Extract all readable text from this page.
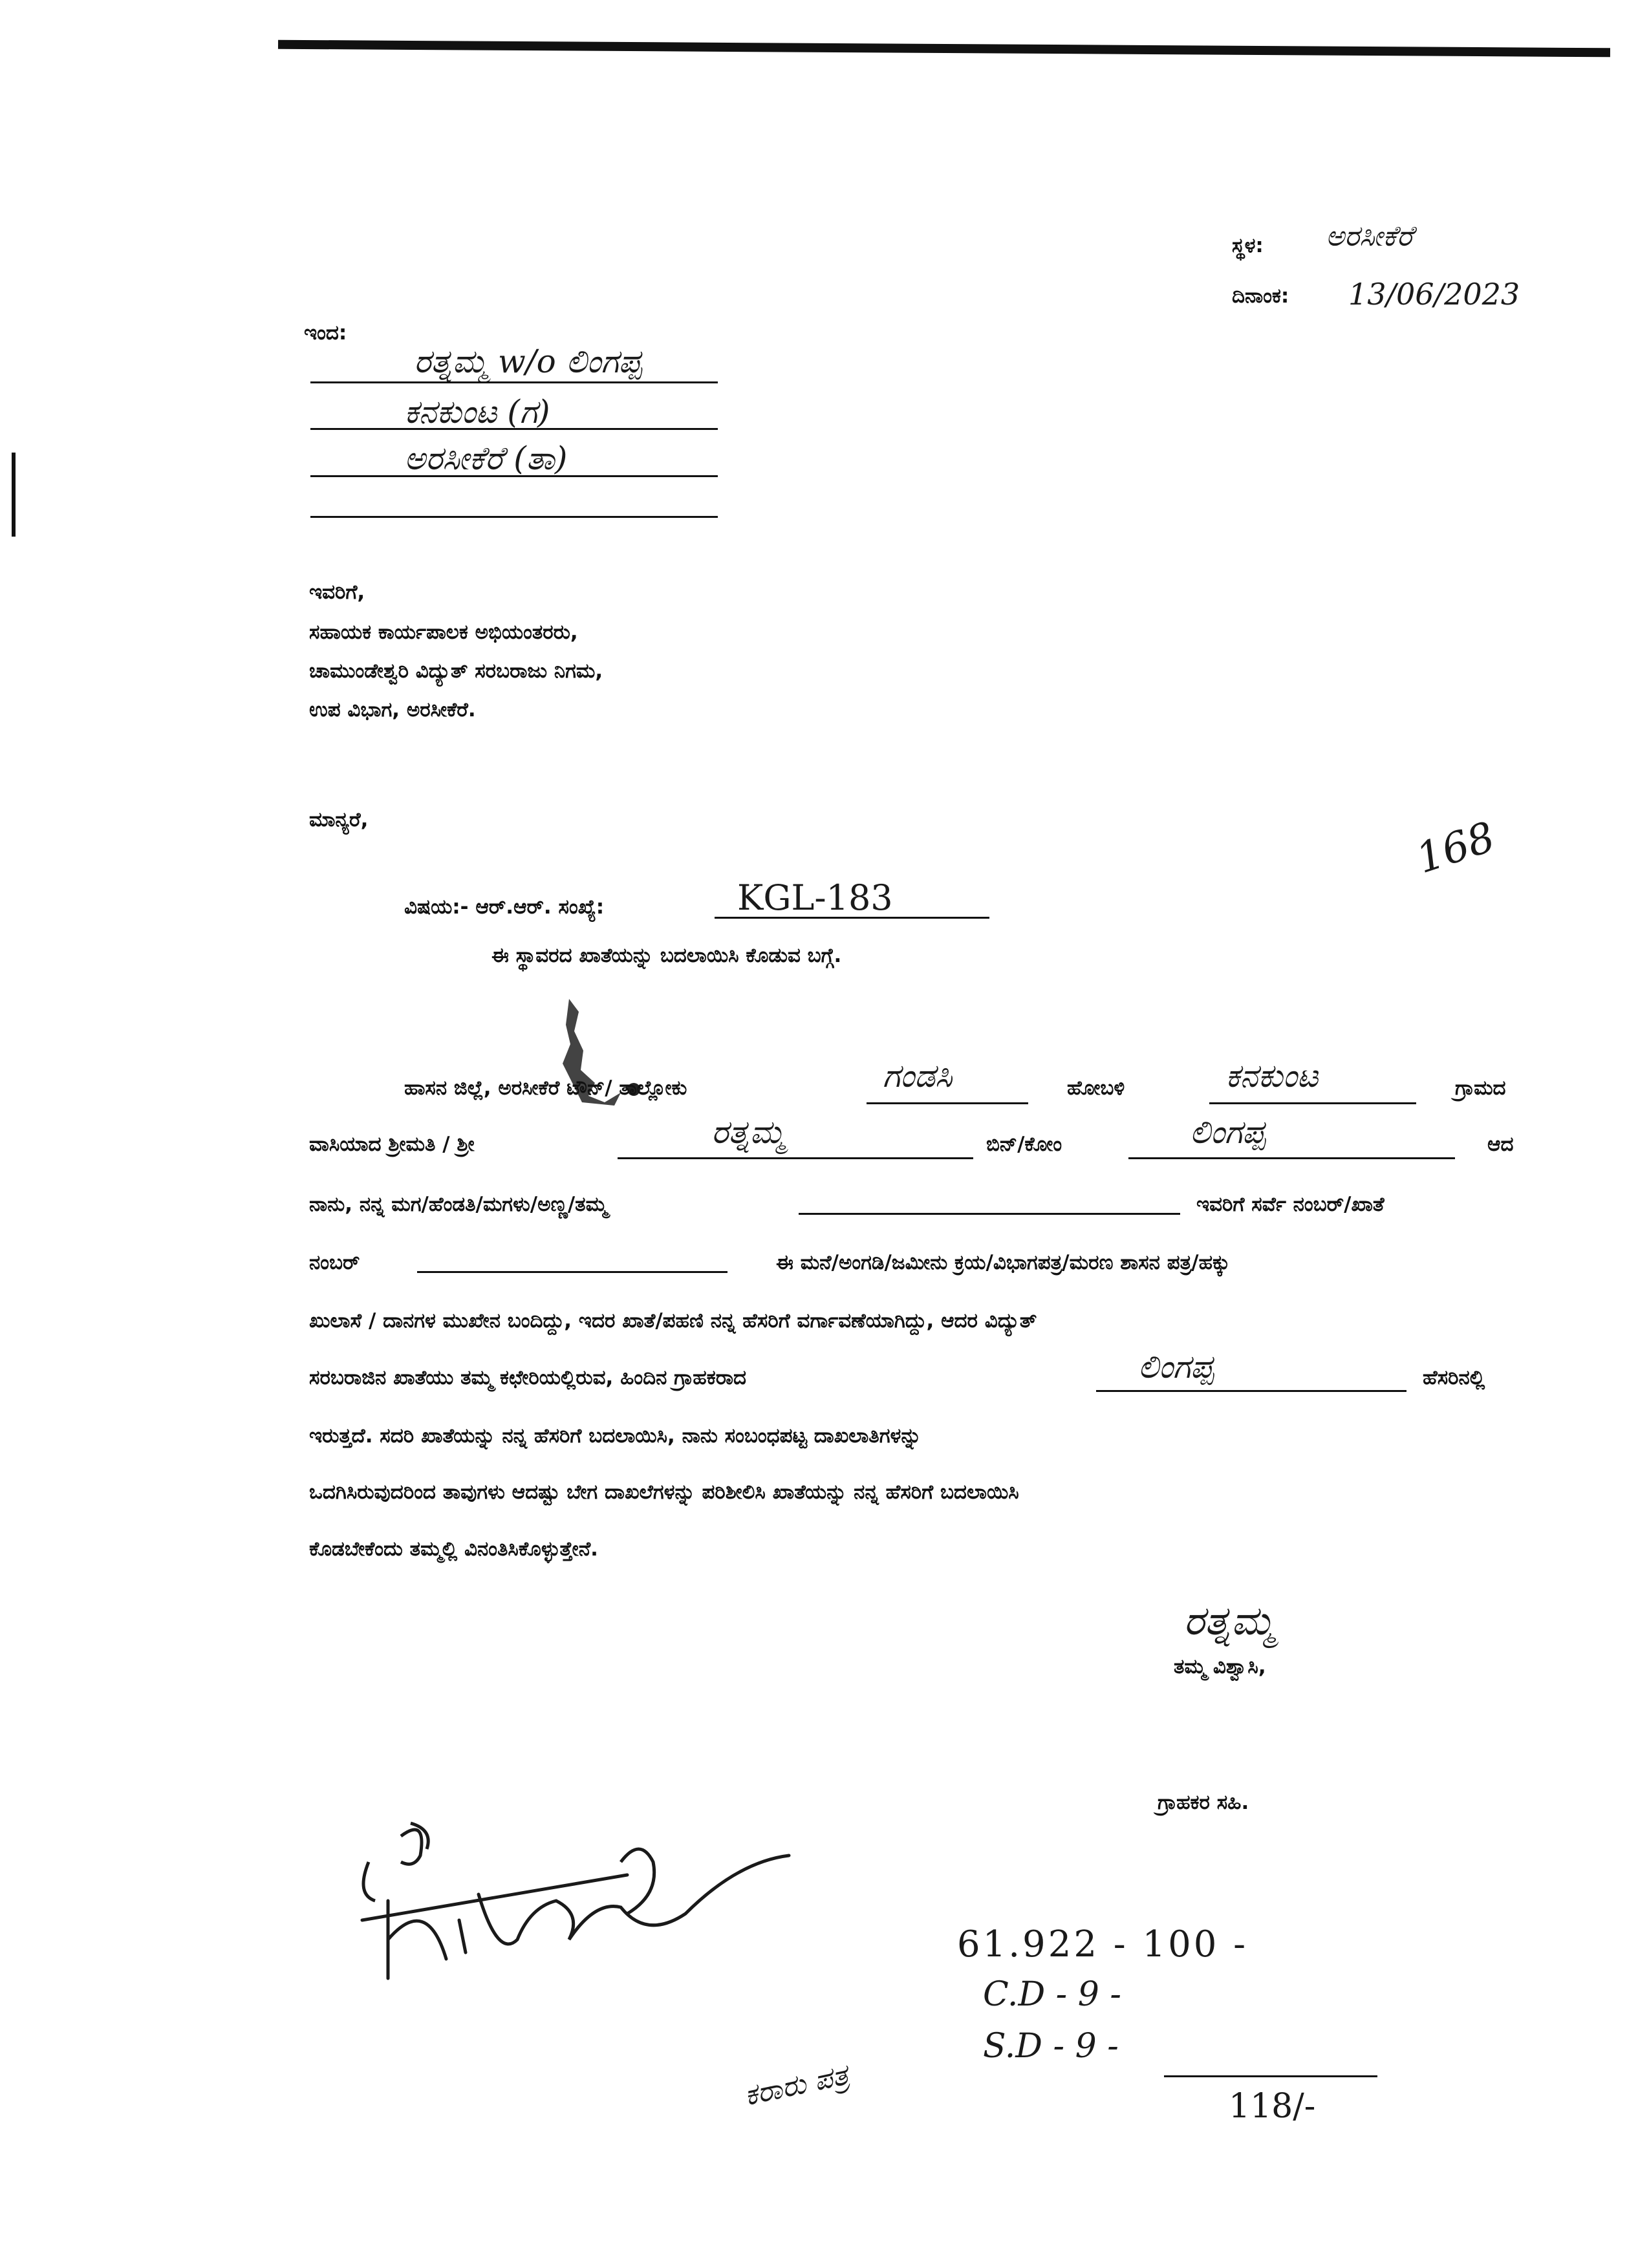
ಸ್ಥಳ: ಅರಸೀಕೆರೆ
ದಿನಾಂಕ: 13/06/2023
ಇಂದ:
ರತ್ನಮ್ಮ w/o ಲಿಂಗಪ್ಪ
ಕನಕುಂಟ (ಗ)
ಅರಸೀಕೆರೆ (ತಾ)
ಇವರಿಗೆ,
ಸಹಾಯಕ ಕಾರ್ಯಪಾಲಕ ಅಭಿಯಂತರರು,
ಚಾಮುಂಡೇಶ್ವರಿ ವಿದ್ಯುತ್ ಸರಬರಾಜು ನಿಗಮ,
ಉಪ ವಿಭಾಗ, ಅರಸೀಕೆರೆ.
ಮಾನ್ಯರೆ,
ವಿಷಯ:- ಆರ್.ಆರ್. ಸಂಖ್ಯೆ:	KGL-183
ಈ ಸ್ಥಾವರದ ಖಾತೆಯನ್ನು ಬದಲಾಯಿಸಿ ಕೊಡುವ ಬಗ್ಗೆ.
168
ಹಾಸನ ಜಿಲ್ಲೆ, ಅರಸೀಕೆರೆ ಟೌನ್/ ತಾಲ್ಲೋಕು	ಗಂಡಸಿ	ಹೋಬಳಿ	ಕನಕುಂಟ	ಗ್ರಾಮದ
ವಾಸಿಯಾದ ಶ್ರೀಮತಿ / ಶ್ರೀ	ರತ್ನಮ್ಮ	ಬಿನ್/ಕೋಂ	ಲಿಂಗಪ್ಪ	ಆದ
ನಾನು, ನನ್ನ ಮಗ/ಹೆಂಡತಿ/ಮಗಳು/ಅಣ್ಣ/ತಮ್ಮ	ಇವರಿಗೆ ಸರ್ವೆ ನಂಬರ್/ಖಾತೆ
ನಂಬರ್	ಈ ಮನೆ/ಅಂಗಡಿ/ಜಮೀನು ಕ್ರಯ/ವಿಭಾಗಪತ್ರ/ಮರಣ ಶಾಸನ ಪತ್ರ/ಹಕ್ಕು
ಖುಲಾಸೆ / ದಾನಗಳ ಮುಖೇನ ಬಂದಿದ್ದು, ಇದರ ಖಾತೆ/ಪಹಣಿ ನನ್ನ ಹೆಸರಿಗೆ ವರ್ಗಾವಣೆಯಾಗಿದ್ದು, ಆದರ ವಿದ್ಯುತ್
ಸರಬರಾಜಿನ ಖಾತೆಯು ತಮ್ಮ ಕಛೇರಿಯಲ್ಲಿರುವ, ಹಿಂದಿನ ಗ್ರಾಹಕರಾದ	ಲಿಂಗಪ್ಪ	ಹೆಸರಿನಲ್ಲಿ
ಇರುತ್ತದೆ. ಸದರಿ ಖಾತೆಯನ್ನು ನನ್ನ ಹೆಸರಿಗೆ ಬದಲಾಯಿಸಿ, ನಾನು ಸಂಬಂಧಪಟ್ಟ ದಾಖಲಾತಿಗಳನ್ನು
ಒದಗಿಸಿರುವುದರಿಂದ ತಾವುಗಳು ಆದಷ್ಟು ಬೇಗ ದಾಖಲೆಗಳನ್ನು ಪರಿಶೀಲಿಸಿ ಖಾತೆಯನ್ನು ನನ್ನ ಹೆಸರಿಗೆ ಬದಲಾಯಿಸಿ
ಕೊಡಬೇಕೆಂದು ತಮ್ಮಲ್ಲಿ ವಿನಂತಿಸಿಕೊಳ್ಳುತ್ತೇನೆ.
ರತ್ನಮ್ಮ
ತಮ್ಮ ವಿಶ್ವಾಸಿ,
ಗ್ರಾಹಕರ ಸಹಿ.
61.922 - 100 -
C.D - 9 -
S.D - 9 -
118/-
ಕರಾರು ಪತ್ರ
